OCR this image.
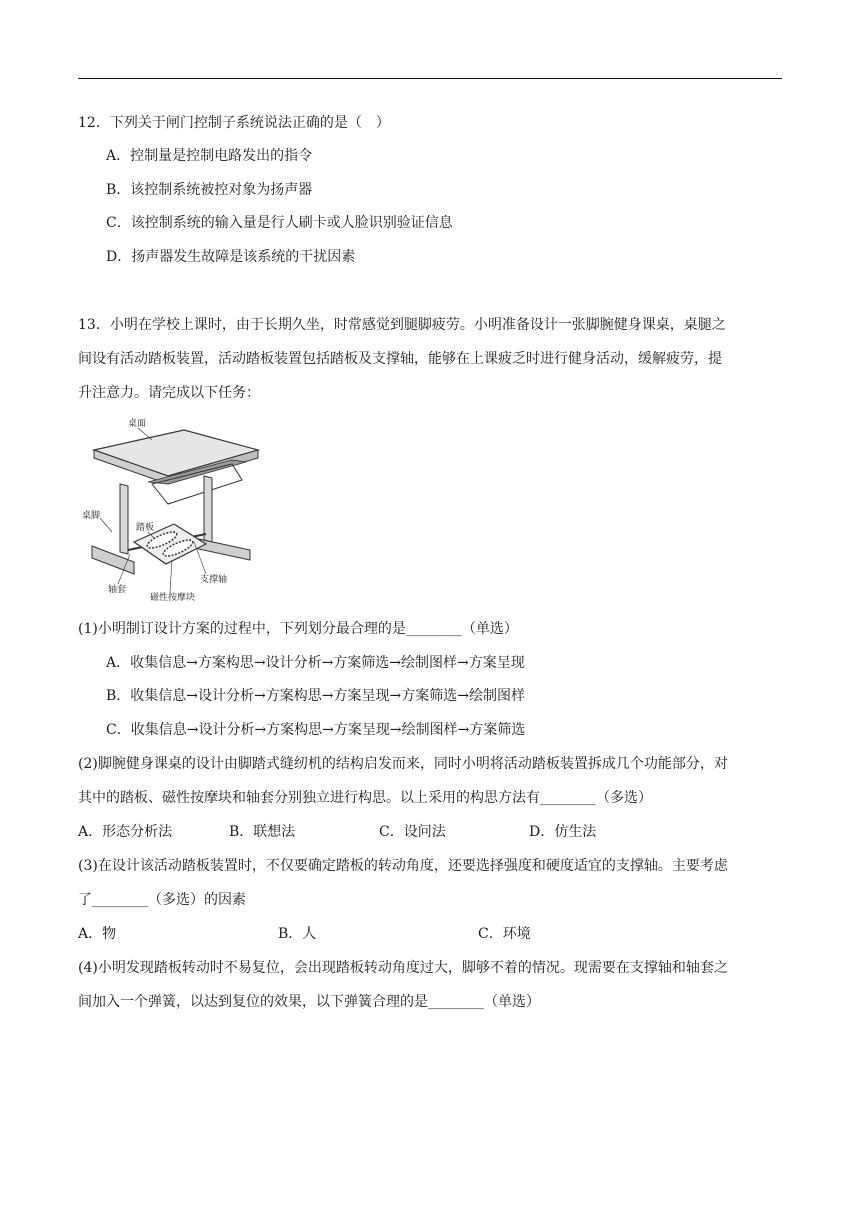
12．下列关于闸门控制子系统说法正确的是（　）
A．控制量是控制电路发出的指令
B．该控制系统被控对象为扬声器
C．该控制系统的输入量是行人刷卡或人脸识别验证信息
D．扬声器发生故障是该系统的干扰因素
13．小明在学校上课时，由于长期久坐，时常感觉到腿脚疲劳。小明准备设计一张脚腕健身课桌，桌腿之
间设有活动踏板装置，活动踏板装置包括踏板及支撑轴，能够在上课疲乏时进行健身活动，缓解疲劳，提
升注意力。请完成以下任务：
桌面
桌脚
踏板
支撑轴
轴套
磁性按摩块
(1)小明制订设计方案的过程中，下列划分最合理的是________（单选）
A．收集信息→方案构思→设计分析→方案筛选→绘制图样→方案呈现
B．收集信息→设计分析→方案构思→方案呈现→方案筛选→绘制图样
C．收集信息→设计分析→方案构思→方案呈现→绘制图样→方案筛选
(2)脚腕健身课桌的设计由脚踏式缝纫机的结构启发而来，同时小明将活动踏板装置拆成几个功能部分，对
其中的踏板、磁性按摩块和轴套分别独立进行构思。以上采用的构思方法有________（多选）
A．形态分析法	B．联想法	C．设问法	D．仿生法
(3)在设计该活动踏板装置时，不仅要确定踏板的转动角度，还要选择强度和硬度适宜的支撑轴。主要考虑
了________（多选）的因素
A．物	B．人	C．环境
(4)小明发现踏板转动时不易复位，会出现踏板转动角度过大，脚够不着的情况。现需要在支撑轴和轴套之
间加入一个弹簧，以达到复位的效果，以下弹簧合理的是________（单选）
